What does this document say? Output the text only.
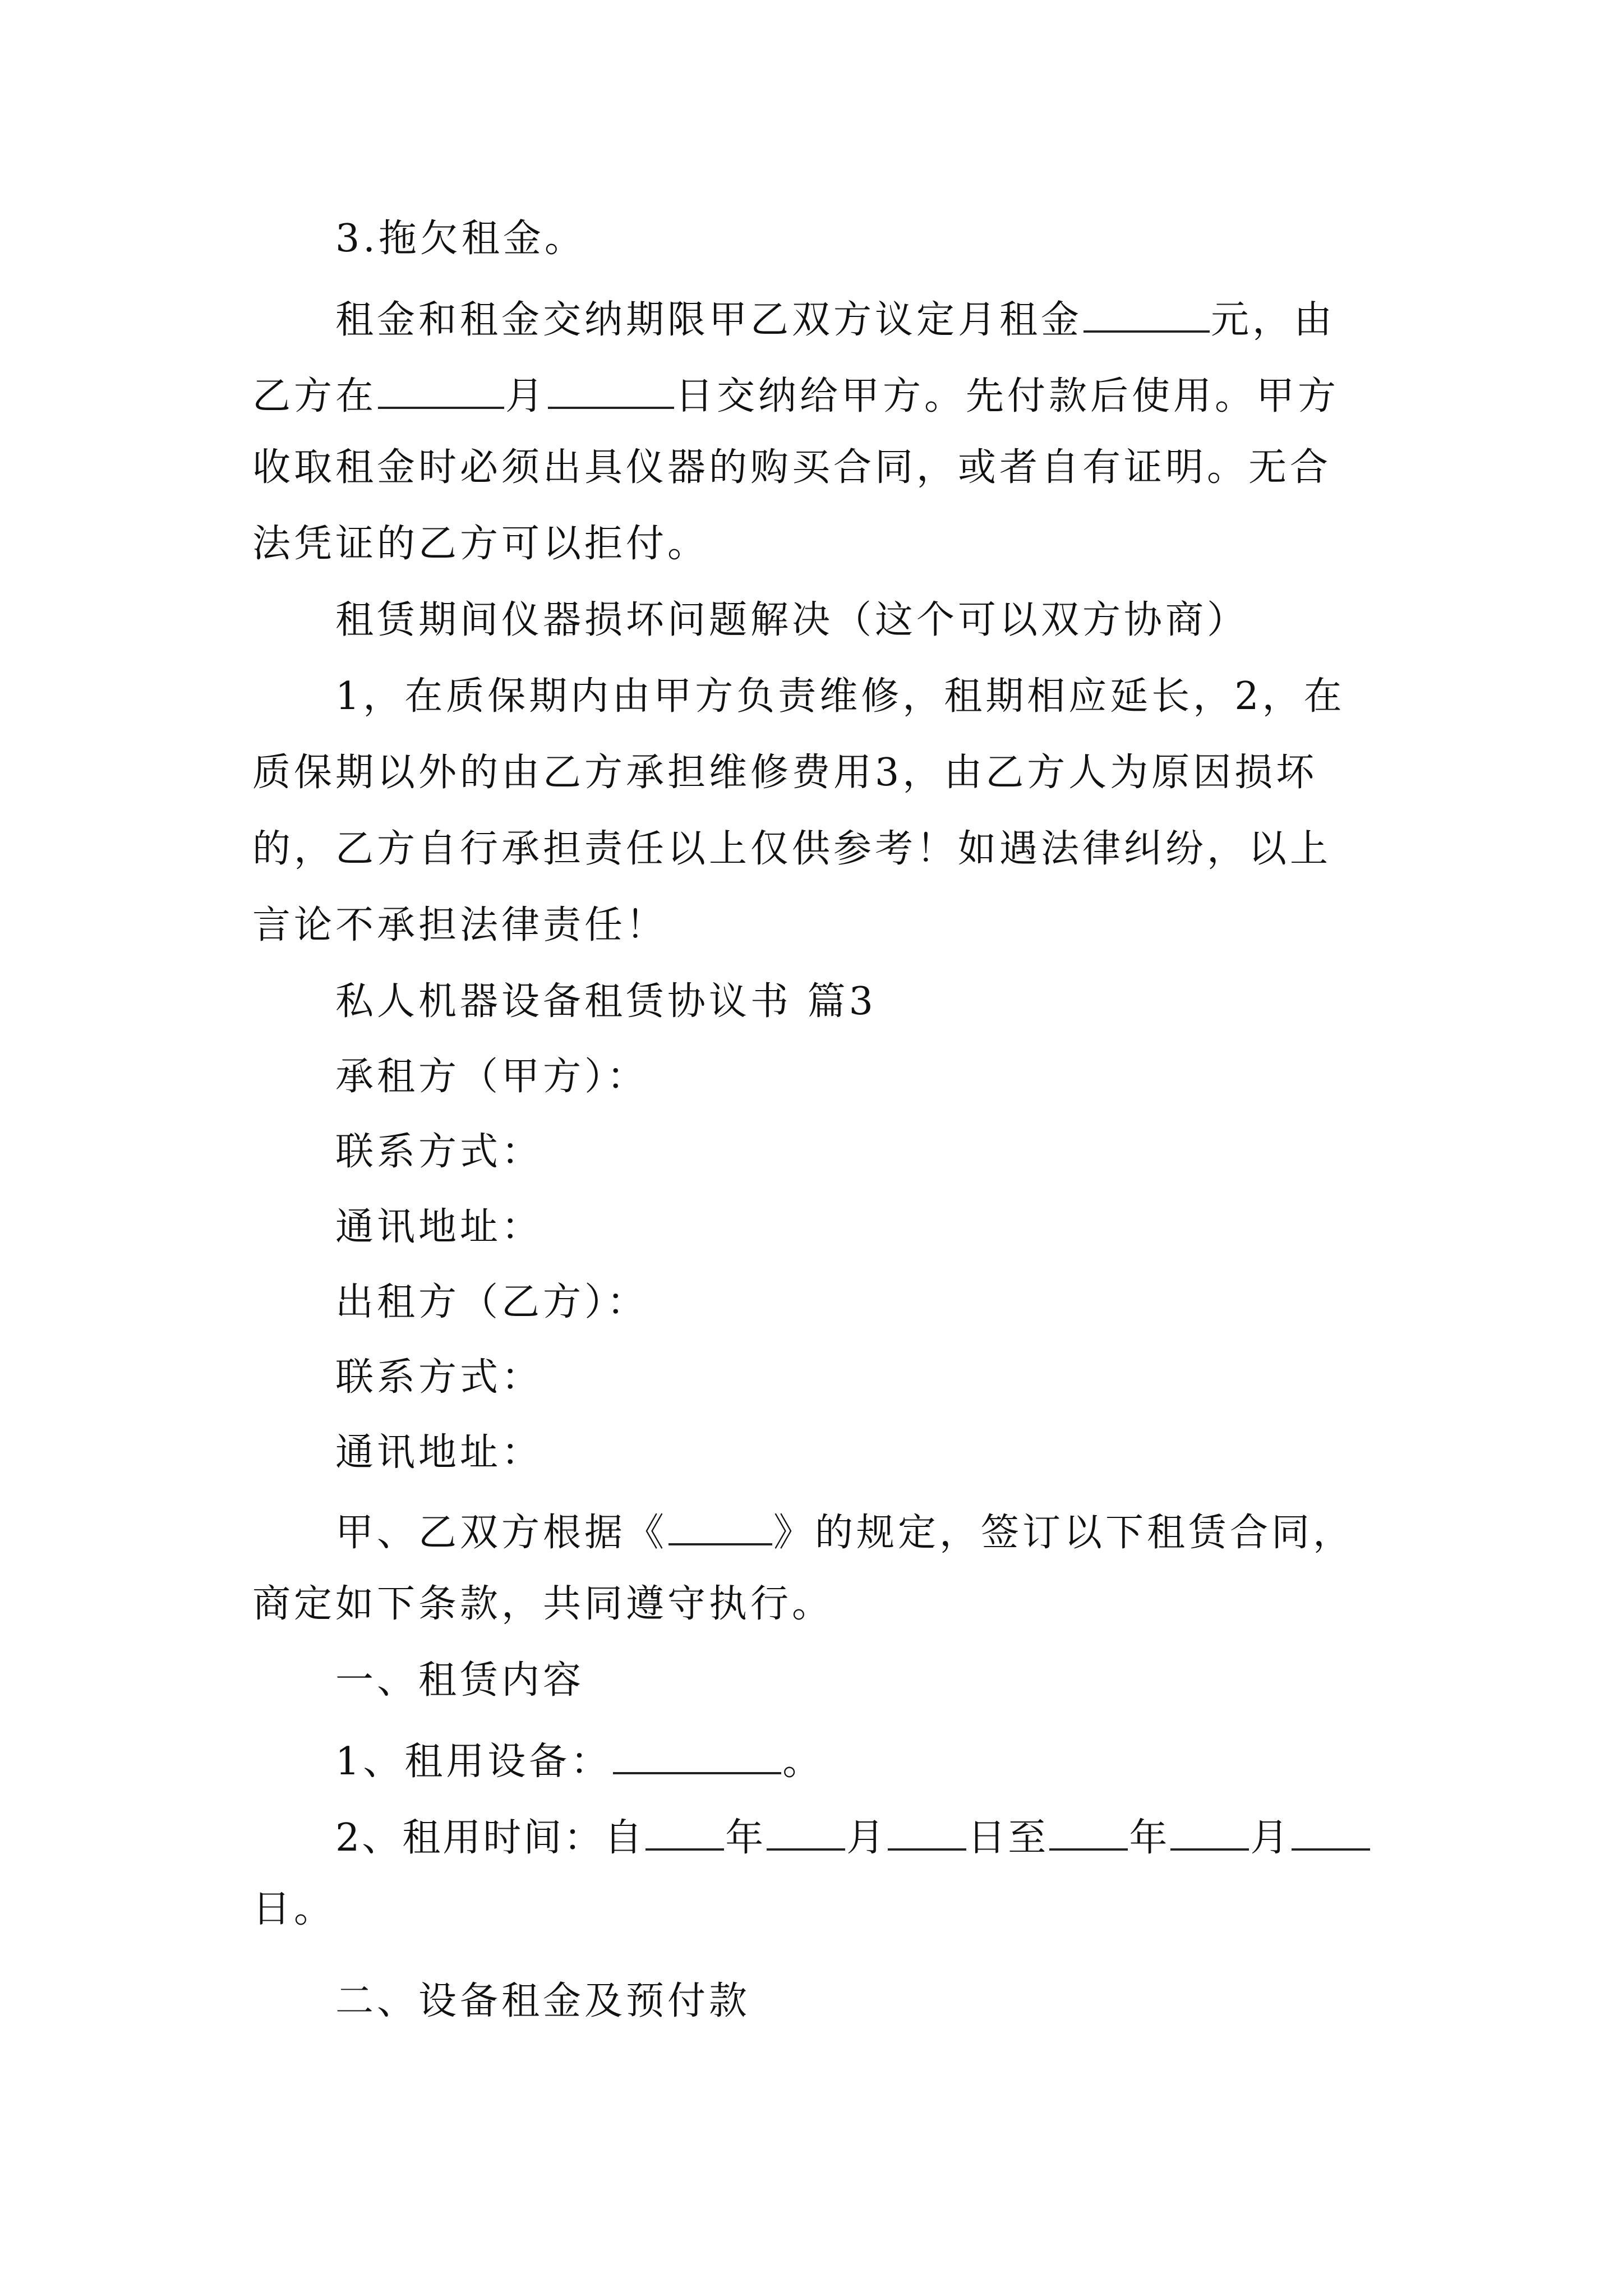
3.拖欠租金。
租金和租金交纳期限甲乙双方议定月租金	元，由
乙方在	月	日交纳给甲方。先付款后使用。甲方
收取租金时必须出具仪器的购买合同，或者自有证明。无合
法凭证的乙方可以拒付。
租赁期间仪器损坏问题解决（这个可以双方协商）
1，在质保期内由甲方负责维修，租期相应延长，2，在
质保期以外的由乙方承担维修费用3，由乙方人为原因损坏
的，乙方自行承担责任以上仅供参考！如遇法律纠纷，以上
言论不承担法律责任！
私人机器设备租赁协议书 篇3
承租方（甲方）：
联系方式：
通讯地址：
出租方（乙方）：
联系方式：
通讯地址：
甲、乙双方根据《	》的规定，签订以下租赁合同，
商定如下条款，共同遵守执行。
一、租赁内容
1、租用设备：	。
2、租用时间：自 年 月 日至 年 月
日。
二、设备租金及预付款
